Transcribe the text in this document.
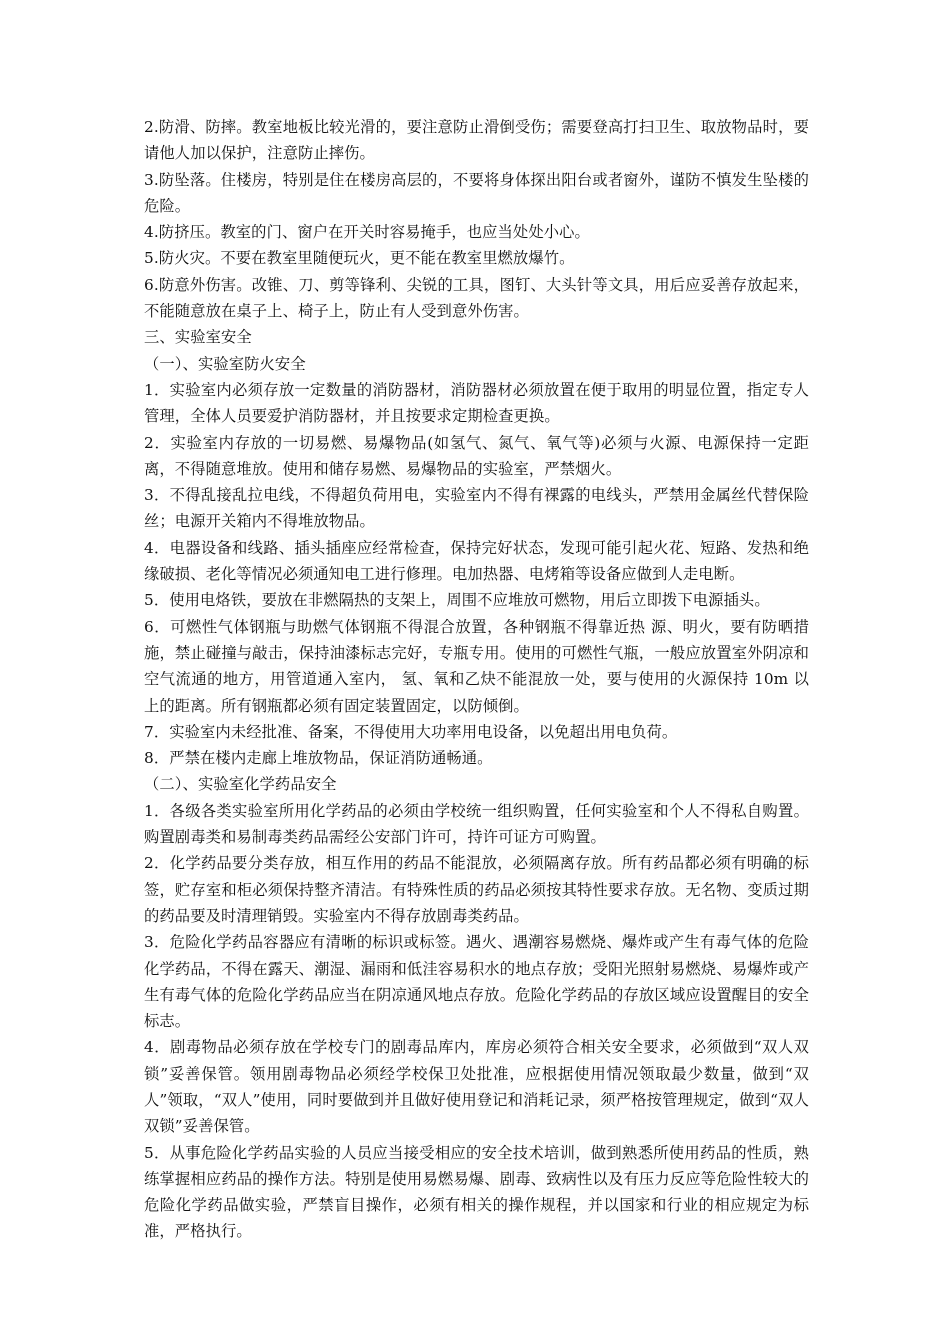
2.防滑、防摔。教室地板比较光滑的，要注意防止滑倒受伤；需要登高打扫卫生、取放物品时，要请他人加以保护，注意防止摔伤。

3.防坠落。住楼房，特别是住在楼房高层的，不要将身体探出阳台或者窗外，谨防不慎发生坠楼的危险。

4.防挤压。教室的门、窗户在开关时容易掩手，也应当处处小心。

5.防火灾。不要在教室里随便玩火，更不能在教室里燃放爆竹。

6.防意外伤害。改锥、刀、剪等锋利、尖锐的工具，图钉、大头针等文具，用后应妥善存放起来，不能随意放在桌子上、椅子上，防止有人受到意外伤害。

三、实验室安全

（一）、实验室防火安全

1．实验室内必须存放一定数量的消防器材，消防器材必须放置在便于取用的明显位置，指定专人管理，全体人员要爱护消防器材，并且按要求定期检查更换。

2．实验室内存放的一切易燃、易爆物品(如氢气、氮气、氧气等)必须与火源、电源保持一定距离，不得随意堆放。使用和储存易燃、易爆物品的实验室，严禁烟火。

3．不得乱接乱拉电线，不得超负荷用电，实验室内不得有裸露的电线头，严禁用金属丝代替保险丝；电源开关箱内不得堆放物品。

4．电器设备和线路、插头插座应经常检查，保持完好状态，发现可能引起火花、短路、发热和绝缘破损、老化等情况必须通知电工进行修理。电加热器、电烤箱等设备应做到人走电断。

5．使用电烙铁，要放在非燃隔热的支架上，周围不应堆放可燃物，用后立即拨下电源插头。

6．可燃性气体钢瓶与助燃气体钢瓶不得混合放置，各种钢瓶不得靠近热 源、明火，要有防晒措施，禁止碰撞与敲击，保持油漆标志完好，专瓶专用。使用的可燃性气瓶，一般应放置室外阴凉和空气流通的地方，用管道通入室内， 氢、氧和乙炔不能混放一处，要与使用的火源保持 10m 以上的距离。所有钢瓶都必须有固定装置固定，以防倾倒。

7．实验室内未经批准、备案，不得使用大功率用电设备，以免超出用电负荷。

8．严禁在楼内走廊上堆放物品，保证消防通畅通。

（二）、实验室化学药品安全

1．各级各类实验室所用化学药品的必须由学校统一组织购置，任何实验室和个人不得私自购置。购置剧毒类和易制毒类药品需经公安部门许可，持许可证方可购置。

2．化学药品要分类存放，相互作用的药品不能混放，必须隔离存放。所有药品都必须有明确的标签，贮存室和柜必须保持整齐清洁。有特殊性质的药品必须按其特性要求存放。无名物、变质过期的药品要及时清理销毁。实验室内不得存放剧毒类药品。

3．危险化学药品容器应有清晰的标识或标签。遇火、遇潮容易燃烧、爆炸或产生有毒气体的危险化学药品，不得在露天、潮湿、漏雨和低洼容易积水的地点存放；受阳光照射易燃烧、易爆炸或产生有毒气体的危险化学药品应当在阴凉通风地点存放。危险化学药品的存放区域应设置醒目的安全标志。

4．剧毒物品必须存放在学校专门的剧毒品库内，库房必须符合相关安全要求，必须做到“双人双锁”妥善保管。领用剧毒物品必须经学校保卫处批准，应根据使用情况领取最少数量，做到“双人”领取，“双人”使用，同时要做到并且做好使用登记和消耗记录，须严格按管理规定，做到“双人双锁”妥善保管。

5．从事危险化学药品实验的人员应当接受相应的安全技术培训，做到熟悉所使用药品的性质，熟练掌握相应药品的操作方法。特别是使用易燃易爆、剧毒、致病性以及有压力反应等危险性较大的危险化学药品做实验，严禁盲目操作，必须有相关的操作规程，并以国家和行业的相应规定为标准，严格执行。
